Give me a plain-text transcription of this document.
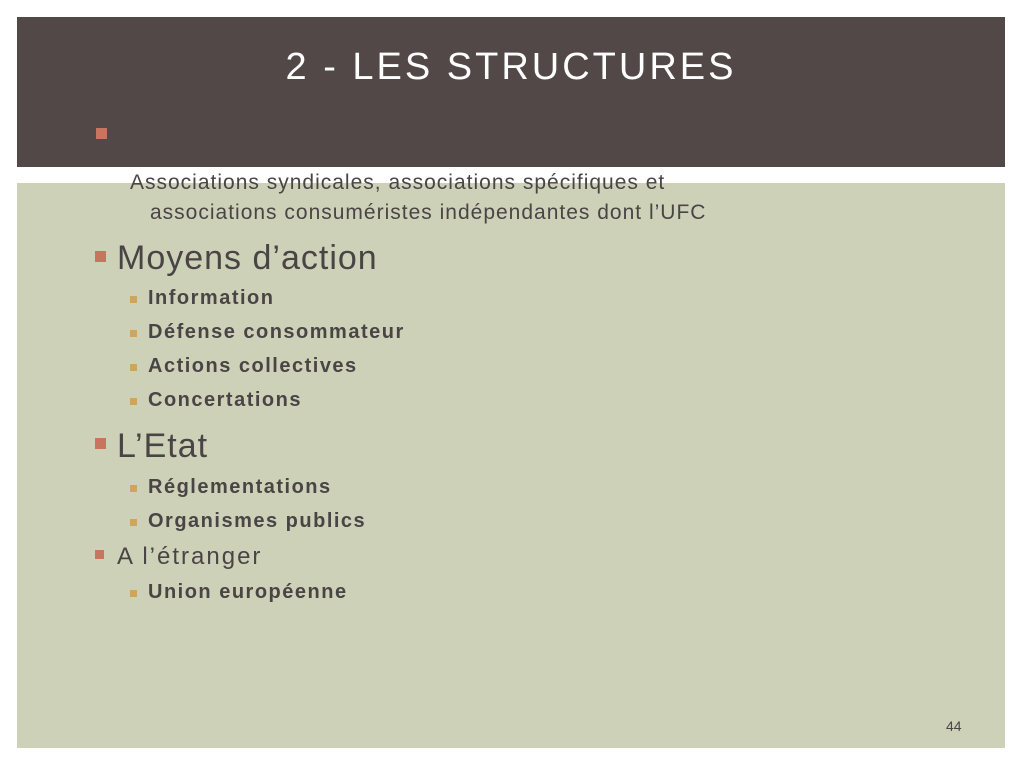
2 - LES STRUCTURES
Associations syndicales, associations spécifiques et
associations consuméristes indépendantes dont l’UFC
Moyens d’action
Information
Défense consommateur
Actions collectives
Concertations
L’Etat
Réglementations
Organismes publics
A l’étranger
Union européenne
44
